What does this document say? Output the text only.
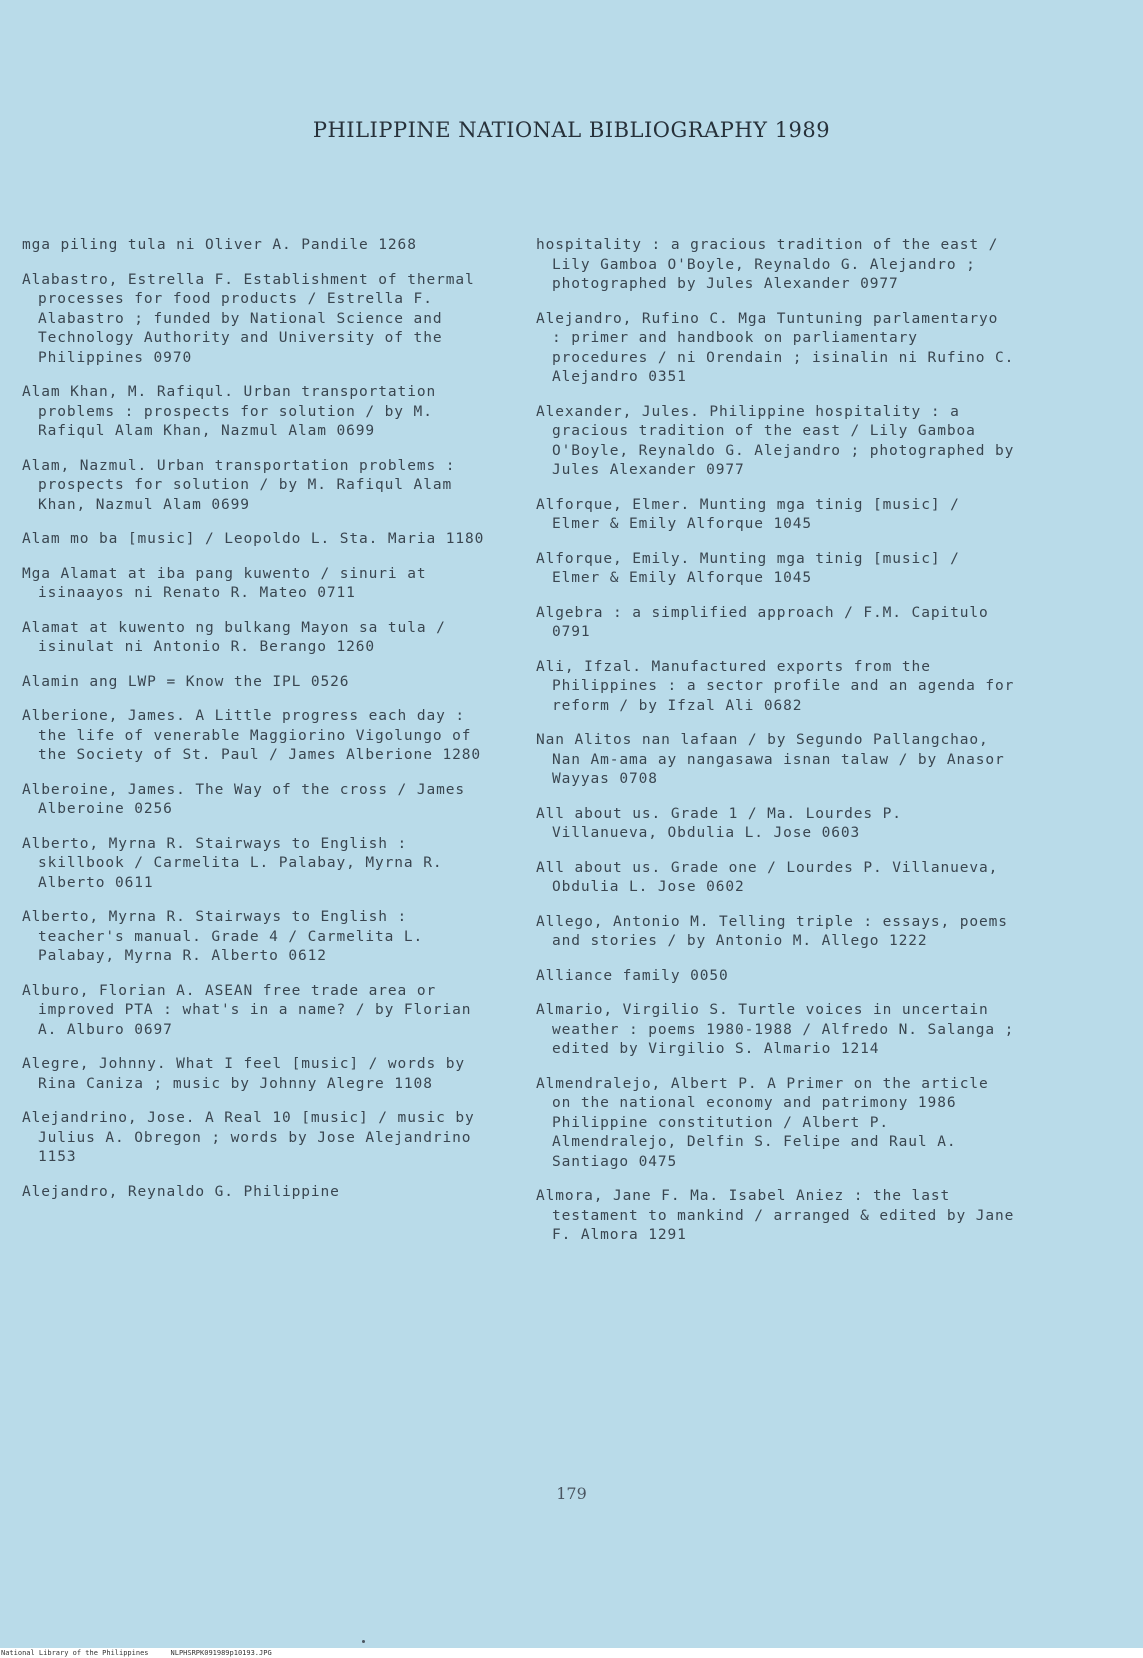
PHILIPPINE NATIONAL BIBLIOGRAPHY 1989
mga piling tula ni Oliver A. Pandile 1268
Alabastro, Estrella F. Establishment of thermal processes for food products / Estrella F. Alabastro ; funded by National Science and Technology Authority and University of the Philippines 0970
Alam Khan, M. Rafiqul. Urban transportation problems : prospects for solution / by M. Rafiqul Alam Khan, Nazmul Alam 0699
Alam, Nazmul. Urban transportation problems : prospects for solution / by M. Rafiqul Alam Khan, Nazmul Alam 0699
Alam mo ba [music] / Leopoldo L. Sta. Maria 1180
Mga Alamat at iba pang kuwento / sinuri at isinaayos ni Renato R. Mateo 0711
Alamat at kuwento ng bulkang Mayon sa tula / isinulat ni Antonio R. Berango 1260
Alamin ang LWP = Know the IPL 0526
Alberione, James. A Little progress each day : the life of venerable Maggiorino Vigolungo of the Society of St. Paul / James Alberione 1280
Alberoine, James. The Way of the cross / James Alberoine 0256
Alberto, Myrna R. Stairways to English : skillbook / Carmelita L. Palabay, Myrna R. Alberto 0611
Alberto, Myrna R. Stairways to English : teacher's manual. Grade 4 / Carmelita L. Palabay, Myrna R. Alberto 0612
Alburo, Florian A. ASEAN free trade area or improved PTA : what's in a name? / by Florian A. Alburo 0697
Alegre, Johnny. What I feel [music] / words by Rina Caniza ; music by Johnny Alegre 1108
Alejandrino, Jose. A Real 10 [music] / music by Julius A. Obregon ; words by Jose Alejandrino 1153
Alejandro, Reynaldo G. Philippine
hospitality : a gracious tradition of the east / Lily Gamboa O'Boyle, Reynaldo G. Alejandro ; photographed by Jules Alexander 0977
Alejandro, Rufino C. Mga Tuntuning parlamentaryo : primer and handbook on parliamentary procedures / ni Orendain ; isinalin ni Rufino C. Alejandro 0351
Alexander, Jules. Philippine hospitality : a gracious tradition of the east / Lily Gamboa O'Boyle, Reynaldo G. Alejandro ; photographed by Jules Alexander 0977
Alforque, Elmer. Munting mga tinig [music] / Elmer & Emily Alforque 1045
Alforque, Emily. Munting mga tinig [music] / Elmer & Emily Alforque 1045
Algebra : a simplified approach / F.M. Capitulo 0791
Ali, Ifzal. Manufactured exports from the Philippines : a sector profile and an agenda for reform / by Ifzal Ali 0682
Nan Alitos nan lafaan / by Segundo Pallangchao, Nan Am-ama ay nangasawa isnan talaw / by Anasor Wayyas 0708
All about us. Grade 1 / Ma. Lourdes P. Villanueva, Obdulia L. Jose 0603
All about us. Grade one / Lourdes P. Villanueva, Obdulia L. Jose 0602
Allego, Antonio M. Telling triple : essays, poems and stories / by Antonio M. Allego 1222
Alliance family 0050
Almario, Virgilio S. Turtle voices in uncertain weather : poems 1980-1988 / Alfredo N. Salanga ; edited by Virgilio S. Almario 1214
Almendralejo, Albert P. A Primer on the article on the national economy and patrimony 1986 Philippine constitution / Albert P. Almendralejo, Delfin S. Felipe and Raul A. Santiago 0475
Almora, Jane F. Ma. Isabel Aniez : the last testament to mankind / arranged & edited by Jane F. Almora 1291
179
National Library of the Philippines	NLPHSRPK091989p10193.JPG
